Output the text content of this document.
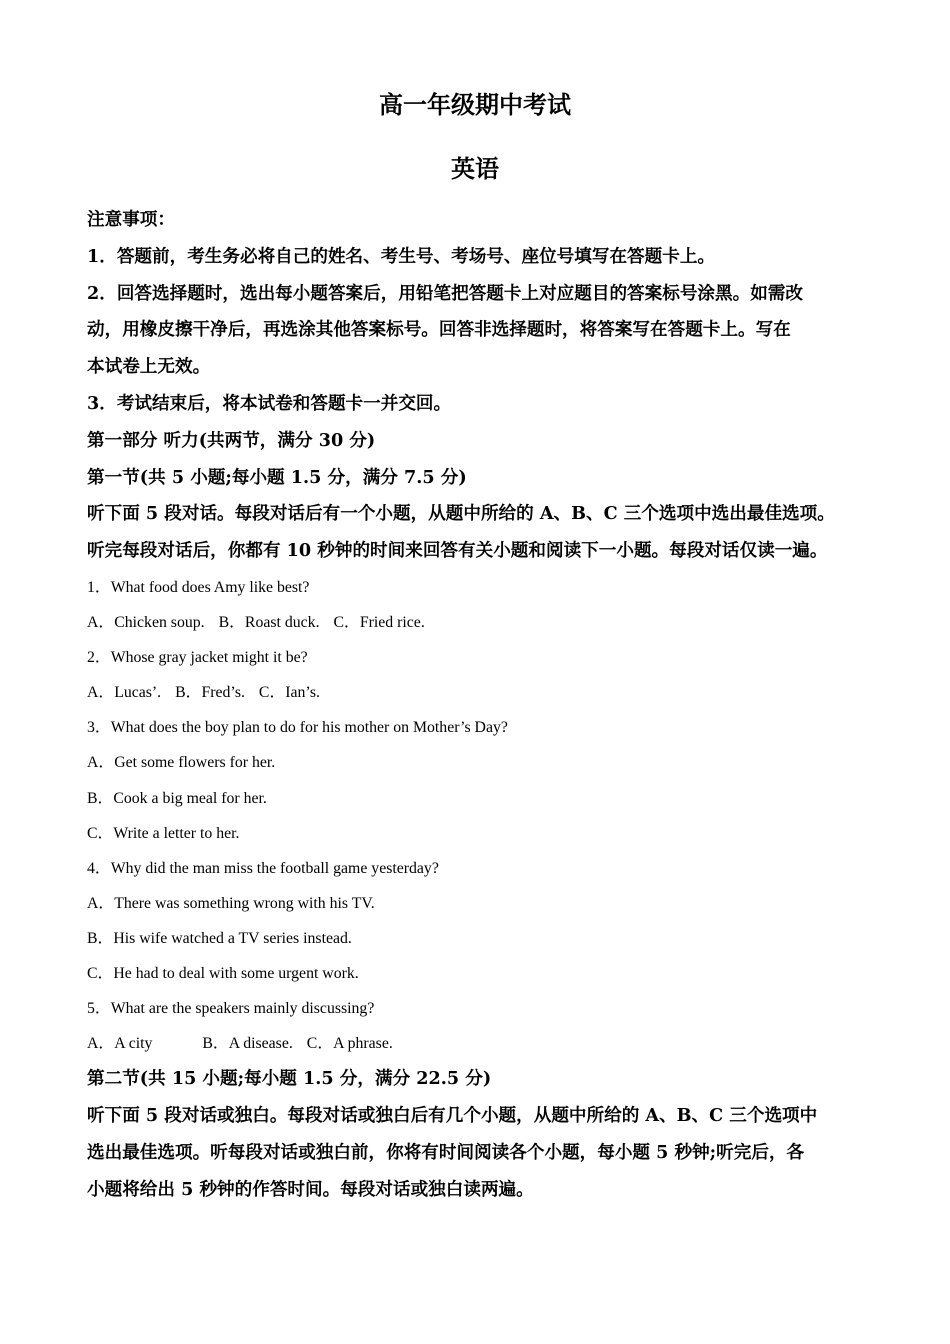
高一年级期中考试
英语

注意事项：

1．答题前，考生务必将自己的姓名、考生号、考场号、座位号填写在答题卡上。

2．回答选择题时，选出每小题答案后，用铅笔把答题卡上对应题目的答案标号涂黑。如需改

动，用橡皮擦干净后，再选涂其他答案标号。回答非选择题时，将答案写在答题卡上。写在

本试卷上无效。

3．考试结束后，将本试卷和答题卡一并交回。

第一部分 听力(共两节，满分 30 分)

第一节(共 5 小题;每小题 1.5 分，满分 7.5 分)

听下面 5 段对话。每段对话后有一个小题，从题中所给的 A、B、C 三个选项中选出最佳选项。

听完每段对话后，你都有 10 秒钟的时间来回答有关小题和阅读下一小题。每段对话仅读一遍。

1．What food does Amy like best?

A．Chicken soup. B．Roast duck. C．Fried rice.

2．Whose gray jacket might it be?

A．Lucas’. B．Fred’s. C．Ian’s.

3．What does the boy plan to do for his mother on Mother’s Day?

A．Get some flowers for her.

B．Cook a big meal for her.

C．Write a letter to her.

4．Why did the man miss the football game yesterday?

A．There was something wrong with his TV.

B．His wife watched a TV series instead.

C．He had to deal with some urgent work.

5．What are the speakers mainly discussing?

A．A city	B．A disease. C．A phrase.

第二节(共 15 小题;每小题 1.5 分，满分 22.5 分)

听下面 5 段对话或独白。每段对话或独白后有几个小题，从题中所给的 A、B、C 三个选项中

选出最佳选项。听每段对话或独白前，你将有时间阅读各个小题，每小题 5 秒钟;听完后，各

小题将给出 5 秒钟的作答时间。每段对话或独白读两遍。
